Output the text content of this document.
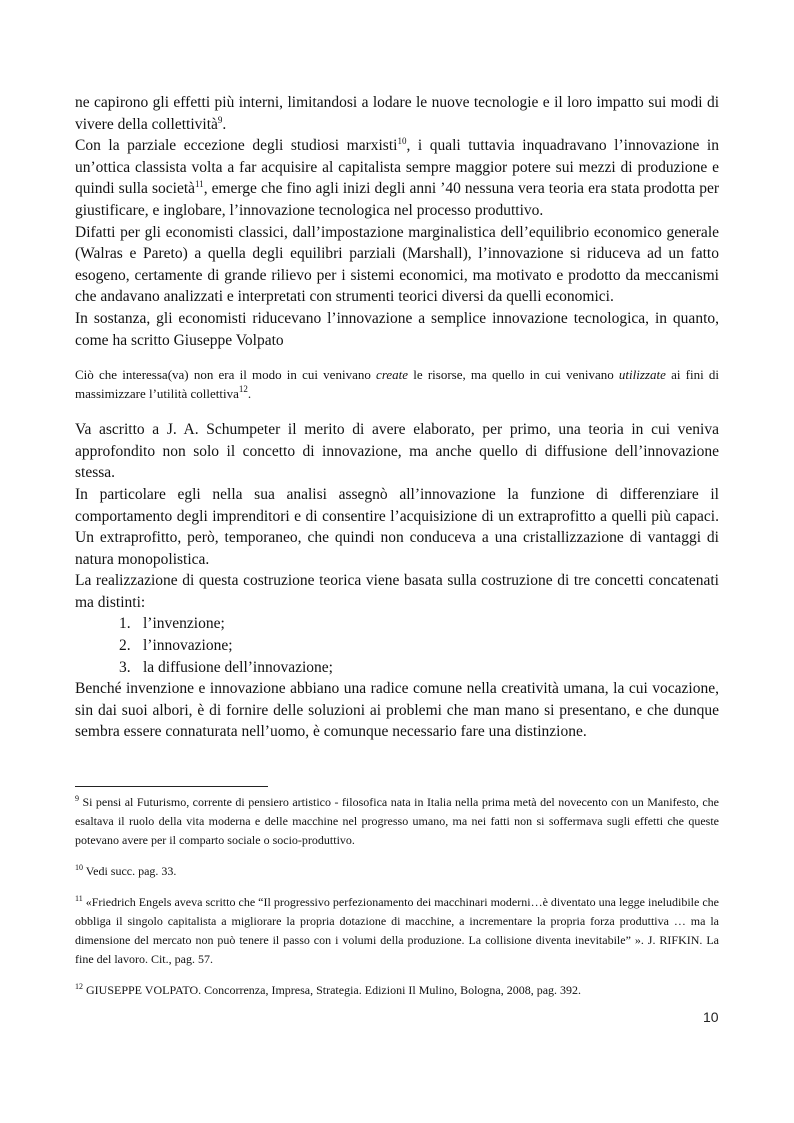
ne capirono gli effetti più interni, limitandosi a lodare le nuove tecnologie e il loro impatto sui modi di vivere della collettività$^9$.

Con la parziale eccezione degli studiosi marxisti$^{10}$, i quali tuttavia inquadravano l’innovazione in un’ottica classista volta a far acquisire al capitalista sempre maggior potere sui mezzi di produzione e quindi sulla società$^{11}$, emerge che fino agli inizi degli anni ’40 nessuna vera teoria era stata prodotta per giustificare, e inglobare, l’innovazione tecnologica nel processo produttivo.

Difatti per gli economisti classici, dall’impostazione marginalistica dell’equilibrio economico generale (Walras e Pareto) a quella degli equilibri parziali (Marshall), l’innovazione si riduceva ad un fatto esogeno, certamente di grande rilievo per i sistemi economici, ma motivato e prodotto da meccanismi che andavano analizzati e interpretati con strumenti teorici diversi da quelli economici.

In sostanza, gli economisti riducevano l’innovazione a semplice innovazione tecnologica, in quanto, come ha scritto Giuseppe Volpato

Ciò che interessa(va) non era il modo in cui venivano create le risorse, ma quello in cui venivano utilizzate ai fini di massimizzare l’utilità collettiva$^{12}$.

Va ascritto a J. A. Schumpeter il merito di avere elaborato, per primo, una teoria in cui veniva approfondito non solo il concetto di innovazione, ma anche quello di diffusione dell’innovazione stessa.

In particolare egli nella sua analisi assegnò all’innovazione la funzione di differenziare il comportamento degli imprenditori e di consentire l’acquisizione di un extraprofitto a quelli più capaci. Un extraprofitto, però, temporaneo, che quindi non conduceva a una cristallizzazione di vantaggi di natura monopolistica.

La realizzazione di questa costruzione teorica viene basata sulla costruzione di tre concetti concatenati ma distinti:

1. l’invenzione;
2. l’innovazione;
3. la diffusione dell’innovazione;

Benché invenzione e innovazione abbiano una radice comune nella creatività umana, la cui vocazione, sin dai suoi albori, è di fornire delle soluzioni ai problemi che man mano si presentano, e che dunque sembra essere connaturata nell’uomo, è comunque necessario fare una distinzione.

$^9$ Si pensi al Futurismo, corrente di pensiero artistico - filosofica nata in Italia nella prima metà del novecento con un Manifesto, che esaltava il ruolo della vita moderna e delle macchine nel progresso umano, ma nei fatti non si soffermava sugli effetti che queste potevano avere per il comparto sociale o socio-produttivo.

$^{10}$ Vedi succ. pag. 33.

$^{11}$ «Friedrich Engels aveva scritto che “Il progressivo perfezionamento dei macchinari moderni…è diventato una legge ineludibile che obbliga il singolo capitalista a migliorare la propria dotazione di macchine, a incrementare la propria forza produttiva … ma la dimensione del mercato non può tenere il passo con i volumi della produzione. La collisione diventa inevitabile” ». J. RIFKIN. La fine del lavoro. Cit., pag. 57.

$^{12}$ GIUSEPPE VOLPATO. Concorrenza, Impresa, Strategia. Edizioni Il Mulino, Bologna, 2008, pag. 392.

10
